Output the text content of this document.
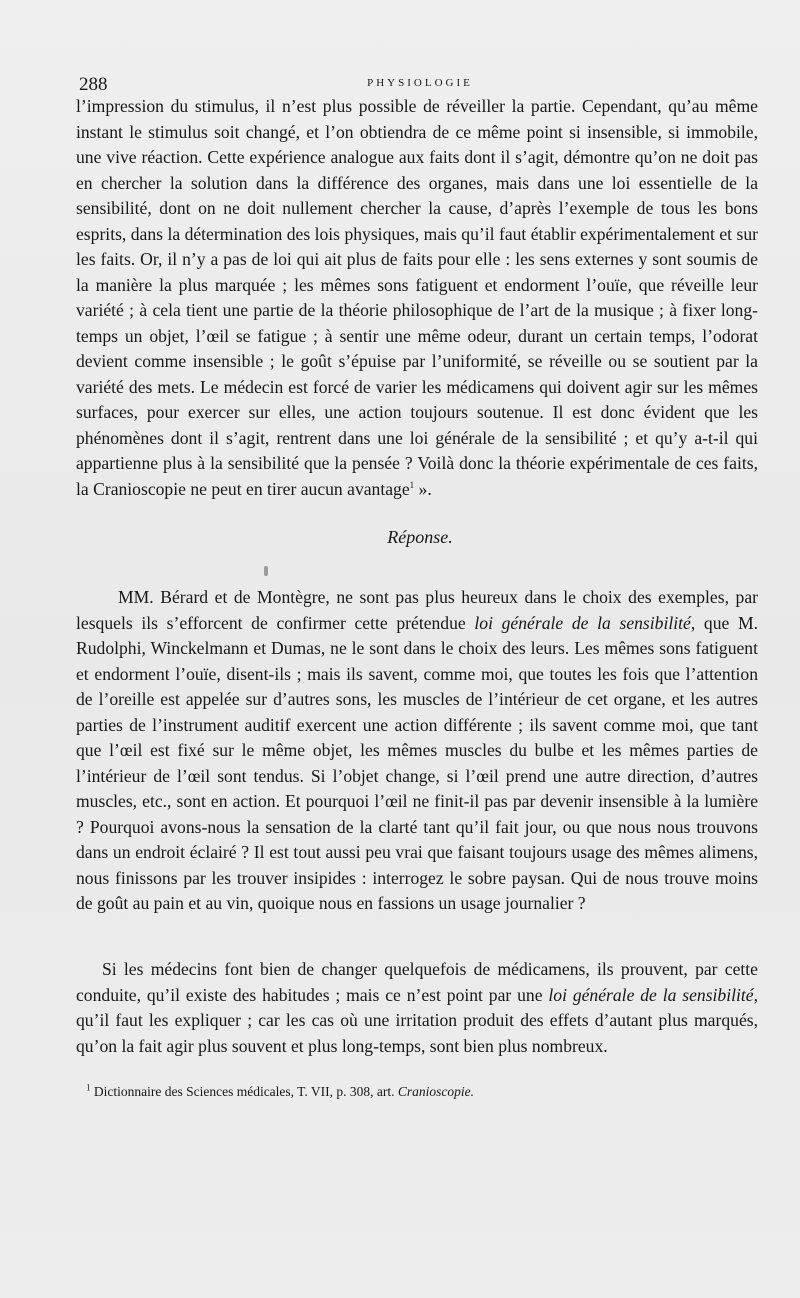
288	PHYSIOLOGIE

l’impression du stimulus, il n’est plus possible de réveiller la partie. Cependant, qu’au même instant le stimulus soit changé, et l’on obtiendra de ce même point si insensible, si immobile, une vive réaction. Cette expérience analogue aux faits dont il s’agit, démontre qu’on ne doit pas en chercher la solution dans la différence des organes, mais dans une loi essentielle de la sensibilité, dont on ne doit nullement chercher la cause, d’après l’exemple de tous les bons esprits, dans la détermination des lois physiques, mais qu’il faut établir expérimentalement et sur les faits. Or, il n’y a pas de loi qui ait plus de faits pour elle : les sens externes y sont soumis de la manière la plus marquée ; les mêmes sons fatiguent et endorment l’ouïe, que réveille leur variété ; à cela tient une partie de la théorie philosophique de l’art de la musique ; à fixer long-temps un objet, l’œil se fatigue ; à sentir une même odeur, durant un certain temps, l’odorat devient comme insensible ; le goût s’épuise par l’uniformité, se réveille ou se soutient par la variété des mets. Le médecin est forcé de varier les médicamens qui doivent agir sur les mêmes surfaces, pour exercer sur elles, une action toujours soutenue. Il est donc évident que les phénomènes dont il s’agit, rentrent dans une loi générale de la sensibilité ; et qu’y a-t-il qui appartienne plus à la sensibilité que la pensée ? Voilà donc la théorie expérimentale de ces faits, la Cranioscopie ne peut en tirer aucun avantage$^1$ ».

Réponse.

MM. Bérard et de Montègre, ne sont pas plus heureux dans le choix des exemples, par lesquels ils s’efforcent de confirmer cette prétendue loi générale de la sensibilité, que M. Rudolphi, Winckelmann et Dumas, ne le sont dans le choix des leurs. Les mêmes sons fatiguent et endorment l’ouïe, disent-ils ; mais ils savent, comme moi, que toutes les fois que l’attention de l’oreille est appelée sur d’autres sons, les muscles de l’intérieur de cet organe, et les autres parties de l’instrument auditif exercent une action différente ; ils savent comme moi, que tant que l’œil est fixé sur le même objet, les mêmes muscles du bulbe et les mêmes parties de l’intérieur de l’œil sont tendus. Si l’objet change, si l’œil prend une autre direction, d’autres muscles, etc., sont en action. Et pourquoi l’œil ne finit-il pas par devenir insensible à la lumière ? Pourquoi avons-nous la sensation de la clarté tant qu’il fait jour, ou que nous nous trouvons dans un endroit éclairé ? Il est tout aussi peu vrai que faisant toujours usage des mêmes alimens, nous finissons par les trouver insipides : interrogez le sobre paysan. Qui de nous trouve moins de goût au pain et au vin, quoique nous en fassions un usage journalier ?

Si les médecins font bien de changer quelquefois de médicamens, ils prouvent, par cette conduite, qu’il existe des habitudes ; mais ce n’est point par une loi générale de la sensibilité, qu’il faut les expliquer ; car les cas où une irritation produit des effets d’autant plus marqués, qu’on la fait agir plus souvent et plus long-temps, sont bien plus nombreux.

$^1$ Dictionnaire des Sciences médicales, T. VII, p. 308, art. Cranioscopie.
